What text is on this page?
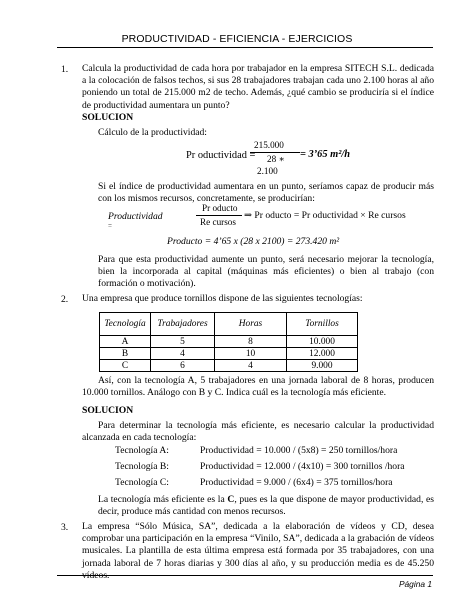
PRODUCTIVIDAD - EFICIENCIA - EJERCICIOS
1. Calcula la productividad de cada hora por trabajador en la empresa SITECH S.L. dedicada a la colocación de falsos techos, si sus 28 trabajadores trabajan cada uno 2.100 horas al año poniendo un total de 215.000 m2 de techo. Además, ¿qué cambio se produciría si el índice de productividad aumentara un punto?
SOLUCION
Cálculo de la productividad:
Pr oductividad =
215.000
28 ∗
2.100
= 3’65 m²/h
Si el índice de productividad aumentara en un punto, seríamos capaz de producir más con los mismos recursos, concretamente, se producirían:
Productividad
=
Pr oducto
Re cursos
⇒ Pr oducto = Pr oductividad × Re cursos
Producto = 4’65 x (28 x 2100) = 273.420 m²
Para que esta productividad aumente un punto, será necesario mejorar la tecnología, bien la incorporada al capital (máquinas más eficientes) o bien al trabajo (con formación o motivación).
2. Una empresa que produce tornillos dispone de las siguientes tecnologías:
Tecnología	Trabajadores	Horas	Tornillos
A	5	8	10.000
B	4	10	12.000
C	6	4	9.000
Así, con la tecnología A, 5 trabajadores en una jornada laboral de 8 horas, producen 10.000 tornillos. Análogo con B y C. Indica cuál es la tecnología más eficiente.
SOLUCION
Para determinar la tecnología más eficiente, es necesario calcular la productividad alcanzada en cada tecnología:
Tecnología A:	Productividad = 10.000 / (5x8) = 250 tornillos/hora
Tecnología B:	Productividad = 12.000 / (4x10) = 300 tornillos /hora
Tecnología C:	Productividad = 9.000 / (6x4) = 375 tornillos/hora
La tecnología más eficiente es la C, pues es la que dispone de mayor productividad, es decir, produce más cantidad con menos recursos.
3. La empresa “Sólo Música, SA”, dedicada a la elaboración de vídeos y CD, desea comprobar una participación en la empresa “Vinilo, SA”, dedicada a la grabación de vídeos musicales. La plantilla de esta última empresa está formada por 35 trabajadores, con una jornada laboral de 7 horas diarias y 300 días al año, y su producción media es de 45.250 vídeos.
Página 1
